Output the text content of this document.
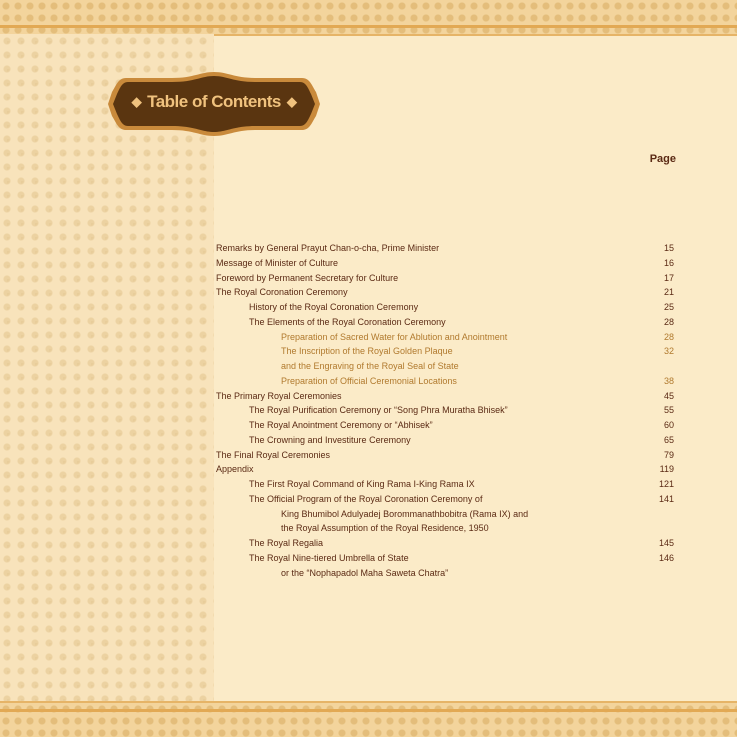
◆ Table of Contents ◆
Page
Remarks by General Prayut Chan-o-cha, Prime Minister	15
Message of Minister of Culture	16
Foreword by Permanent Secretary for Culture	17
The Royal Coronation Ceremony	21
History of the Royal Coronation Ceremony	25
The Elements of the Royal Coronation Ceremony	28
Preparation of Sacred Water for Ablution and Anointment	28
The Inscription of the Royal Golden Plaque	32
and the Engraving of the Royal Seal of State
Preparation of Official Ceremonial Locations	38
The Primary Royal Ceremonies	45
The Royal Purification Ceremony or “Song Phra Muratha Bhisek”	55
The Royal Anointment Ceremony or “Abhisek”	60
The Crowning and Investiture Ceremony	65
The Final Royal Ceremonies	79
Appendix	119
The First Royal Command of King Rama I-King Rama IX	121
The Official Program of the Royal Coronation Ceremony of	141
King Bhumibol Adulyadej Borommanathbobitra (Rama IX) and
the Royal Assumption of the Royal Residence, 1950
The Royal Regalia	145
The Royal Nine-tiered Umbrella of State	146
or the “Nophapadol Maha Saweta Chatra”
